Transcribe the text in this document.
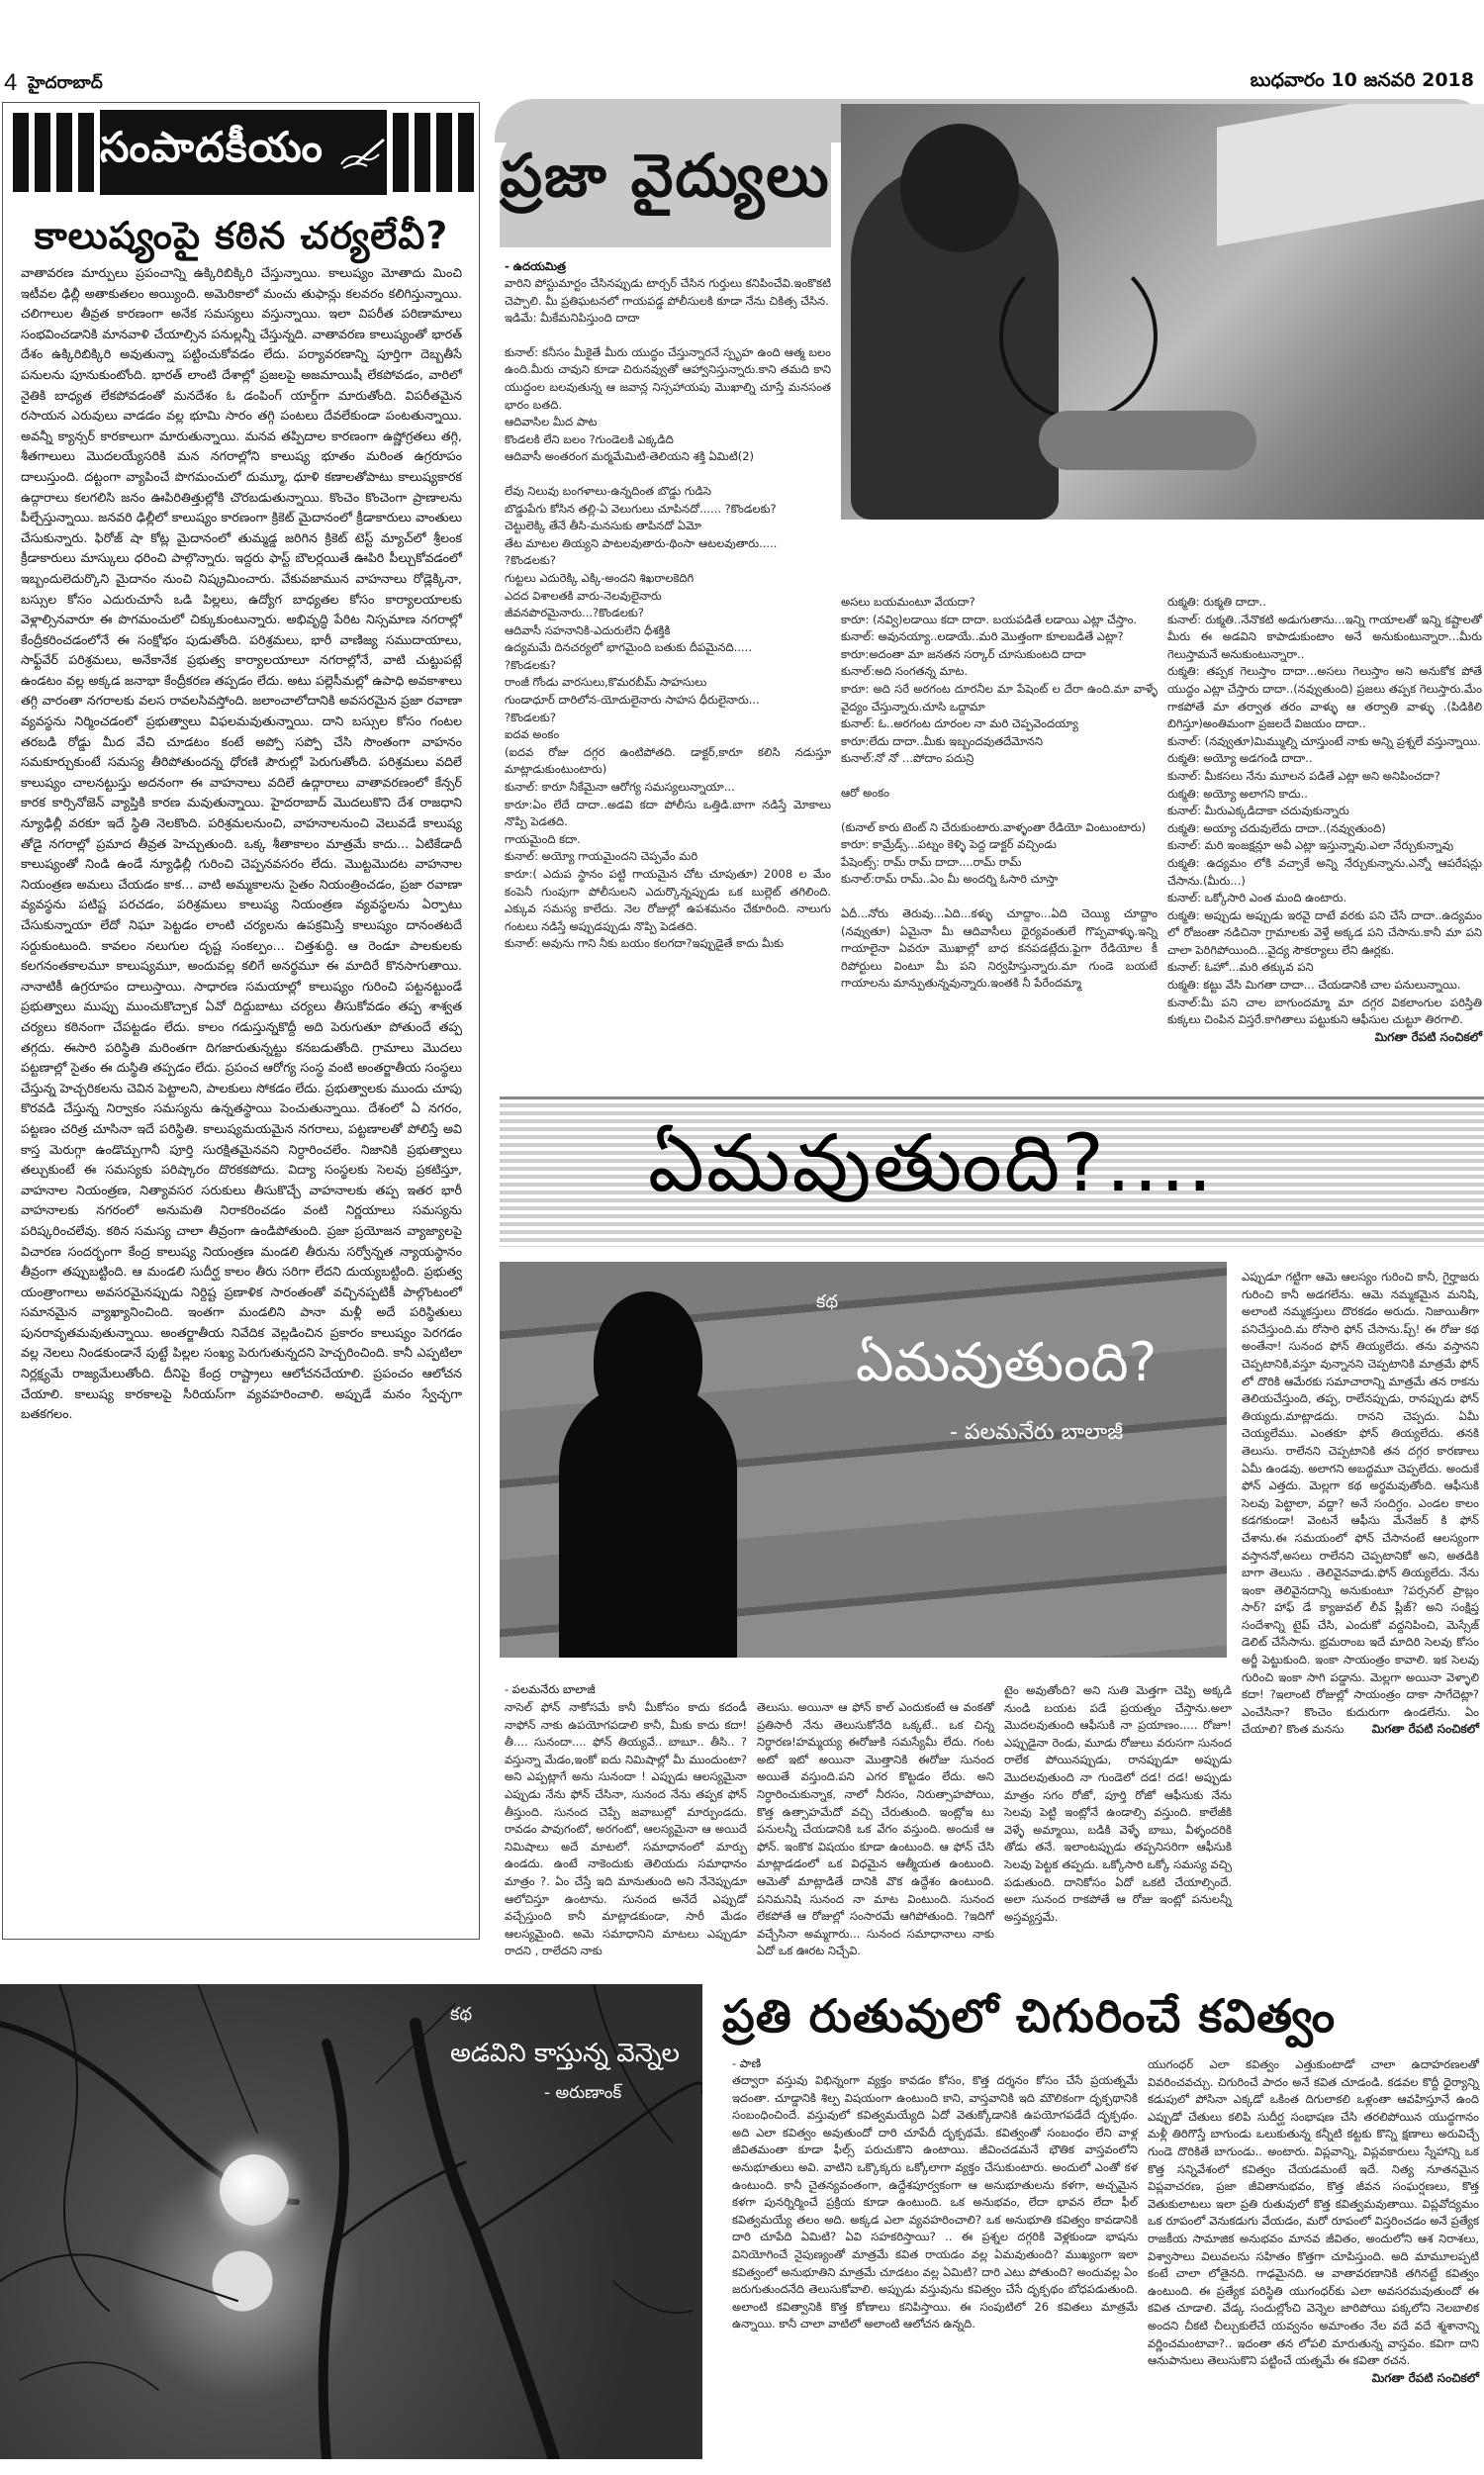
4 హైదరాబాద్	బుధవారం 10 జనవరి 2018
సంపాదకీయం
కాలుష్యంపై కఠిన చర్యలేవీ?
వాతావరణ మార్పులు ప్రపంచాన్ని ఉక్కిరిబిక్కిరి చేస్తున్నాయి. కాలుష్యం మోతాదు మించి ఇటీవల ఢిల్లీ అతాకుతలం అయ్యింది. అమెరికాలో మంచు తుఫాన్లు కలవరం కలిగిస్తున్నాయి. చలిగాలుల తీవ్రత కారణంగా అనేక సమస్యలు వస్తున్నాయి. ఇలా విపరీత పరిణామాలు సంభవించడానికి మానవాళి చేయాల్సిన పనుల్లన్నీ చేస్తున్నది. వాతావరణ కాలుష్యంతో భారత్ దేశం ఉక్కిరిబిక్కిరి అవుతున్నా పట్టించుకోవడం లేదు. పర్యావరణాన్ని పూర్తిగా దెబ్బతీసే పనులను పూనుకుంటోంది. భారత్ లాంటి దేశాల్లో ప్రజలపై అజమాయిషీ లేకపోవడం, వారిలో నైతికి బాధ్యత లేకపోవడంతో మనదేశం ఓ డంపింగ్ యార్డ్‌గా మారుతోంది. విపరీతమైన రసాయన ఎరువులు వాడడం వల్ల భూమి సారం తగ్గి పంటలు దేవలేకుండా పంటతున్నాయి. అవన్నీ క్యాన్సర్ కారకాలుగా మారుతున్నాయి. మనవ తప్పిదాల కారణంగా ఉష్ణోగ్రతలు తగ్గి, శీతగాలులు మొదలయ్యేసరికి మన నగరాల్లోని కాలుష్య భూతం మరింత ఉగ్రరూపం దాలుస్తుంది. దట్టంగా వ్యాపించే పొగమంచులో దుమ్మూ, ధూళి కణాలతోపాటు కాలుష్యకారక ఉద్గారాలు కలగలిసి జనం ఊపిరితిత్తుల్లోకి చొరబడుతున్నాయి. కొంచెం కొంచెంగా ప్రాణాలను పీల్చేస్తున్నాయి. జనవరి ఢిల్లీలో కాలుష్యం కారణంగా క్రికెట్ మైదానంలో క్రీడాకారులు వాంతులు చేసుకున్నారు. ఫిరోజ్ షా కోట్ల మైదానంలో తుమ్మడ్డ జరిగిన క్రికెట్ టెస్ట్ మ్యాచ్‌లో శ్రీలంక క్రీడాకారులు మాస్కులు ధరించి పాల్గొన్నారు. ఇద్దరు ఫాస్ట్ బౌలర్లయితే ఊపిరి పీల్చుకోవడంలో ఇబ్బందులెదుర్కొని మైదానం నుంచి నిష్క్రమించారు. వేకువజామున వాహనాలు రోడ్లెక్కినా, బస్సుల కోసం ఎదురుచూసే ఒడి పిల్లలు, ఉద్యోగ బాధ్యతల కోసం కార్యాలయాలకు వెళ్లాల్సినవారూ ఈ పొగమంచులో చిక్కుకుంటున్నారు. అభివృద్ధి పేరిట నిస్సమాణ నగరాల్లో కేంద్రీకరించడంలోనే ఈ సంక్షోభం పుడుతోంది. పరిశ్రమలు, భారీ వాణిజ్య సముదాయాలు, సాఫ్ట్‌వేర్ పరిశ్రమలు, అనేకానేక ప్రభుత్వ కార్యాలయాలూ నగరాల్లోనే, వాటి చుట్టుపట్లే ఉండటం వల్ల అక్కడ జనాభా కేంద్రీకరణ తప్పడం లేదు. అటు పల్లెసీమల్లో ఉపాధి అవకాశాలు తగ్గి వారంతా నగరాలకు వలస రావలసివస్తోంది. జలాంచాలోదానికి అవసరమైన ప్రజా రవాణా వ్యవస్థను నిర్మించడంలో ప్రభుత్వాలు విఫలమవుతున్నాయి. దాని బస్సుల కోసం గంటల తరబడి రోడ్డు మీద వేచి చూడటం కంటే అప్పో సప్పో చేసి సొంతంగా వాహనం సమకూర్చుకుంటే సమస్య తీరిపోతుందన్న ధోరణి పౌరుల్లో పెరుగుతోంది. పరిశ్రమలు వదిలే కాలుష్యం చాలనట్టుస్తు అదనంగా ఈ వాహనాలు వదిలే ఉద్గారాలు వాతావరణంలో కేన్సర్ కారక కార్సినోజెన్ వ్యాప్తికి కారణ మవుతున్నాయి. హైదరాబాద్ మొదలుకొని దేశ రాజధాని న్యూఢిల్లీ వరకూ ఇదే స్థితి నెలకొంది. పరిశ్రమలనుంచి, వాహనాలనుంచి వెలువడే కాలుష్య తోడై నగరాల్లో ప్రమాద తీవ్రత హెచ్చుతుంది. ఒక్క శీతాకాలం మాత్రమే కాదు... ఏటికేడాదీ కాలుష్యంతో నిండి ఉండే న్యూఢిల్లీ గురించి చెప్పనవసరం లేదు. మొట్టమొదట వాహనాల నియంత్రణ అమలు చేయడం కాక... వాటి అమ్మకాలను సైతం నియంత్రించడం, ప్రజా రవాణా వ్యవస్థను పటిష్ట పరచడం, పరిశ్రమలు కాలుష్య నియంత్రణ వ్యవస్థలను ఏర్పాటు చేసుకున్నాయా లేదో నిఘా పెట్టడం లాంటి చర్యలను ఉపక్రమిస్తే కాలుష్యం దానంతటదే సర్దుకుంటుంది. కావలం నలుగుల దృష్ట సంకల్పం... చిత్తశుద్ధి. ఆ రెండూ పాలకులకు కలగనంతకాలమూ కాలుష్యమూ, అందువల్ల కలిగే అనర్థమూ ఈ మాదిరే కొనసాగుతాయి. నానాటికీ ఉగ్రరూపం దాలుస్తాయి. సాధారణ సమయాల్లో కాలుష్యం గురించి పట్టనట్టుండే ప్రభుత్వాలు ముప్పు ముంచుకొచ్చాక ఏవో దిద్దుబాటు చర్యలు తీసుకోవడం తప్ప శాశ్వత చర్యలు కఠినంగా చేపట్టడం లేదు. కాలం గడుస్తున్నకొద్దీ అది పెరుగుతూ పోతుందే తప్ప తగ్గదు. ఈసారి పరిస్థితి మరింతగా దిగజారుతున్నట్టు కనబడుతోంది. గ్రామాలు మొదలు పట్టణాల్లో సైతం ఈ దుస్థితి తప్పడం లేదు. ప్రపంచ ఆరోగ్య సంస్థ వంటి అంతర్జాతీయ సంస్థలు చేస్తున్న హెచ్చరికలను చెవిన పెట్టాలని, పాలకులు సోకడం లేదు. ప్రభుత్వాలకు ముందు చూపు కొరవడి చేస్తున్న నిర్వాకం సమస్యను ఉన్నతస్థాయి పెంచుతున్నాయి. దేశంలో ఏ నగరం, పట్టణం చరిత్ర చూసినా ఇదే పరిస్థితి. కాలుష్యమయమైన నగరాలు, పట్టణాలతో పోలిస్తే అవి కాస్త మెరుగ్గా ఉండొచ్చుగానీ పూర్తి సురక్షితమైనవని నిర్ధారించలేం. నిజానికి ప్రభుత్వాలు తల్చుకుంటే ఈ సమస్యకు పరిష్కారం దొరకకపోదు. విద్యా సంస్థలకు సెలవు ప్రకటిస్తూ, వాహనాల నియంత్రణ, నిత్యావసర సరుకులు తీసుకొచ్చే వాహనాలకు తప్ప ఇతర భారీ వాహనాలకు నగరంలో అనుమతి నిరాకరించడం వంటి నిర్ణయాలు సమస్యను పరిష్కరించలేవు. కఠిన సమస్య చాలా తీవ్రంగా ఉండిపోతుంది. ప్రజా ప్రయోజన వ్యాజ్యాలపై విచారణ సందర్భంగా కేంద్ర కాలుష్య నియంత్రణ మండలి తీరును సర్వోన్నత న్యాయస్థానం తీవ్రంగా తప్పుబట్టింది. ఆ మండలి సుదీర్ఘ కాలం తీరు సరిగా లేదని దుయ్యబట్టింది. ప్రభుత్వ యంత్రాంగాలు అవసరమైనప్పుడు నిర్దిష్ట ప్రణాళిక సారంతంతో వచ్చినప్పటికీ పాల్గొంటంలో సమానమైన వ్యాఖ్యానించింది. ఇంతగా మండలిని పానా మళ్లీ అదే పరిస్థితులు పునరావృతమవుతున్నాయి. అంతర్జాతీయ నివేదిక వెల్లడించిన ప్రకారం కాలుష్యం పెరగడం వల్ల నెలలు నిండకుండానే పుట్టే పిల్లల సంఖ్య పెరుగుతున్నదని హెచ్చరించింది. కానీ ఎప్పటిలా నిర్లక్ష్యమే రాజ్యమేలుతోంది. దీనిపై కేంద్ర రాష్ట్రాలు ఆలోచనచేయాలి. ప్రపంచం ఆలోచన చేయాలి. కాలుష్య కారకాలపై సీరియస్‌గా వ్యవహరించాలి. అప్పుడే మనం స్వేచ్ఛగా బతకగలం.
ప్రజా వైద్యులు
- ఉదయమిత్ర

వారిని పోస్టుమార్టం చేసినప్పుడు టార్చర్ చేసిన గుర్తులు కనిపించేవి.ఇంకొకటి చెప్పాలి. మీ ప్రతిఘటనలో గాయపడ్డ పోలీసులకి కూడా నేను చికిత్స చేసిన.

ఇడిమే: మీకేమనిపిస్తుంది దాదా

కునాల్: కనీసం మీకైతే మీరు యుద్ధం చేస్తున్నారనే స్పృహ ఉంది ఆత్మ బలం ఉంది.మీరు చావుని కూడా చిరునవ్వుతో ఆహ్వానిస్తున్నారు.కాని తమది కాని యుద్ధంల బలవుతున్న ఆ జవాన్ల నిస్సహాయపు మొఖాల్ని చూస్తే మనసంత భారం బతది.

ఆదివాసిల మీద పాట

కొండలకి లేని బలం ?గుండెలకి ఎక్కడిది

ఆదివాసీ అంతరంగ మర్మమేమిటి-తెలియని శక్తి ఏమిటి(2)

లేవు నిలువు బంగళాలు-ఉన్నదింత బొడ్డు గుడిసె

బొడ్డుపేగు కోసిన తల్లి-ఏ వెలుగులు చూపినదో...... ?కొండలకు?

చెట్టులెక్కి తేనే తీసి-మనసుకు తాపినదో ఏమో

తేట మాటల తియ్యని పాటలవుతారు-థింసా ఆటలవుతారు.....

?కొండలకు?

గుట్టలు ఎదురెక్కి ఎక్కి-అందని శిఖరాలకెదిగి

ఎదద విశాలతకి వారు-నెలవులైనారు

జీవనపొరమైనారు...?కొండలకు?

ఆదివాసీ సహనానికి-ఎదురులేని ధీశక్తికి

ఉద్యమమే దినచర్యలో భాగమైంది బతుకు దీపమైనది.....

?కొండలకు?

రాంజీ గోండు వారసులు,కొమరబీమ్ సాహసులు

గుండాధూర్ దారిలోన-యోదులైనారు సాహస ధీరులైనారు...

?కొండలకు?

ఐదవ అంకం

(ఐదవ రోజు దగ్గర ఉంటిపోతది. డాక్టర్,కారూ కలిసి నడుస్తూ మాట్లాడుకుంటుంటారు)

కునాల్: కారూ నీకేమైనా ఆరోగ్య సమస్యలున్నాయా...

కారూ:ఏం లేదే దాదా..అడవి కదా పోలీసు ఒత్తిడి.బాగా నడిస్తే మోకాలు నొప్పి పెడతది.

గాయమైంది కదా.

కునాల్: అయ్యో గాయమైందని చెప్పవేం మరి

కారూ:( ఎదుప స్థానం పట్టి గాయమైన చోట చూపుతూ) 2008 ల మేం కంపెనీ గుంపుగా పోలీసులని ఎదుర్కొన్నప్పుడు ఒక బుల్లెట్ తగిలింది. ఎక్కువ సమస్య కాలేదు. నెల రోజుల్లో ఉపశమనం చేకూరింది. నాలుగు గంటలు నడిస్తే అప్పుడప్పుడు నొప్పి పెడతది.

కునాల్: అవును గాని నీకు బయం కలగదా?ఇప్పుడైతే కాదు మీకు

అసలు బయమంటూ వేయదా?

కారూ: (నవ్వి)లడాయి కదా దాదా. బయపడితే లడాయి ఎట్లా చేస్తాం.

కునాల్: అవునయ్యా..లడాయే..మరి మొత్తంగా కూలబడితే ఎట్లా?

కారూ:అదంతా మా జనతన సర్కార్ చూసుకుంటది దాదా

కునాల్:అది సంగతన్న మాట.

కారూ: అది సరే అరగంట దూరనీల మా పేషెంట్ ల దేరా ఉంది.మా వాళ్ళే వైద్యం చేస్తున్నారు.చూసి ఒద్దామా

కునాల్: ఓ..అరగంట దూరంల నా మరి చెప్పవెందయ్యా

కారూ:లేదు దాదా..మీకు ఇబ్బందవుతదేమోనని

కునాల్:నో నో ...పోదాం పదున్రి

ఆరో అంకం

(కునాల్ కారు టెంట్ ని చేరుకుంటారు.వాళ్ళంతా రేడియో వింటుంటారు)

కారూ: కామ్రేడ్స్...పట్నం కెళ్ళి పెద్ద డాక్టర్ వచ్చిండు

పేషెంట్స్: రామ్ రామ్ దాదా....రామ్ రామ్

కునాల్:రామ్ రామ్..ఏం మీ అందర్ని ఓసారి చూస్తా

ఏదీ...నోరు తెరువు...ఏది...కళ్ళు చూద్దాం...ఏది చెయ్యి చూద్దాం (నవ్వుతూ) ఏమైనా మీ ఆదివాసీలు ధైర్యవంతులే గొప్పవాళ్ళు.ఇన్ని గాయాలైనా ఏవరూ మొఖాల్లో బాధ కనపడట్లేదు.ఫైగా రేడియోల కీ రిపోర్టులు వింటూ మీ పని నిర్వహిస్తున్నారు.మా గుండె బయటే గాయాలను మాన్పుతున్నవున్నారు.ఇంతకి నీ పేరేందమ్మా

రుక్మతి: రుక్మతి దాదా..

కునాల్: రుక్మతి..నేనొకటి అడుగుతాను...ఇన్ని గాయాలతో ఇన్ని కష్టాలతో మీరు ఈ అడవిని కాపాడుకుంటాం అనే అనుకుంటున్నారా...మీరు గెలుస్తామనే అనుకుంటున్నారా..

రుక్మతి: తప్పక గెలుస్తాం దాదా...అసలు గెలుస్తాం అని అనుకోక పోతే యుద్ధం ఎట్లా చేస్తారు దాదా..(నవ్వుతుంది) ప్రజలు తప్పక గెలుస్తారు.మేం గాకపోతే మా తర్వాత తరం వాళ్ళు ఆ తర్వాతి వాళ్ళు .(పిడికిలి బిగిస్తూ)అంతిమంగా ప్రజలదే విజయం దాదా..

కునాల్: (నవ్వుతూ)మిమ్ముల్ని చూస్తుంటే నాకు అన్ని ప్రశ్నలే వస్తున్నాయి.

రుక్మతి: అయ్యో అడగండి దాదా..

కునాల్: మీకసలు నేను మూలన పడితే ఎట్లా అని అనిపించదా?

రుక్మతి: అయ్యో అలాగని కాదు..

కునాల్: మీరుఎక్కడిదాకా చదువుకున్నారు

రుక్మతి: అయ్యా చదువులేదు దాదా..(నవ్వుతుంది)

కునాల్: మరి ఇంజక్షన్లూ అవీ ఎట్లా ఇస్తున్నావు.ఎలా నేర్చుకున్నావు

రుక్మతి: ఉద్యమం లోకి వచ్చాకే అన్ని నేర్చుకున్నాను.ఎన్నో ఆపరేషన్లు చేసాను.(మీరు...)

కునాల్: ఒక్కోసారి ఎంత మంది ఉంటారు.

రుక్మతి: అప్పుడు అప్పుడు ఇరవై దాటే వరకు పని చేసే దాదా..ఉద్యమం లో రోజంతా నడిచినా గ్రామాలకు వెళ్తే అక్కడ పని చేసాను.కానీ మా పని చాలా పెరిగిపోయింది...వైద్య సౌకర్యాలు లేని ఊర్లకు.

కునాల్: ఓహో...మరి తక్కువ పని

రుక్మతి: కట్టు వేసి మిగతా దాదా... చేయడానికి చాల పనులున్నాయి.

కునాల్:మీ పని చాల బాగుందమ్మా మా దగ్గర వికలాంగుల పరిస్తితి కుక్కలు చింపిన విస్తరే.కాగితాలు పట్టుకుని ఆఫీసుల చుట్టూ తిరగాలి.

మిగతా రేపటి సంచికలో
ఏమవుతుంది?....
కథ
ఏమవుతుంది?
- పలమనేరు బాలాజీ
- పలమనేరు బాలాజీ
నాసెల్ ఫోన్ నాకోసమే కానీ మీకోసం కాదు కదండీ నాఫోన్ నాకు ఉపయోగపడాలి కానీ, మీకు కాదు కదా!తీ.... సునందా.... ఫోన్ తియ్యవే.. బాబూ.. తీసి.. ?వస్తున్నా మేడం,ఇంకో ఐదు నిమిషాల్లో మీ ముందుంటా? అని ఎప్పట్లాగే అను సునందా ! ఎప్పుడు ఆలస్యమైనా ఎప్పుడు నేను ఫోన్ చేసినా, సునంద నేను తప్పక ఫోన్ తీస్తుంది. సునంద చెప్పే జవాబుల్లో మార్పుండదు. రావడం పావుగంటో, అరగంటో, ఆలస్యమైనా ఆ అయిదే నిమిషాలు అదే మాటలో. సమాధానంలో మార్పు ఉండదు. ఉంటే నాకెందుకు తెలియదు సమాధానం మాత్రం ?. ఏం చేస్తే ఇది మానుతుంది అని నేనెప్పుడూ ఆలోచిస్తూ ఉంటాను. సునంద అనేదే ఎప్పుడో వచ్చేస్తుంది కానీ మాట్లాడకుండా, సారీ మేడం ఆలస్యమైంది. అమె సమాధానిని మాటలు ఎప్పుడూ రాదని , రాలేదని నాకు
తెలుసు. అయినా ఆ ఫోన్ కాల్ ఎందుకంటే ఆ వంకతో ప్రతిసారీ నేను తెలుసుకోనేది ఒక్కటే.. ఒక చిన్న నిర్ధారణ!హమ్మయ్య ఈరోజుకి సమస్యేమీ లేదు. గంట అటో ఇటో అయినా మొత్తానికి ఈరోజు సునంద అయితే వస్తుంది.పని ఎగర కొట్టడం లేదు. అని నిర్ధారించుకున్నాక, నాలో నీరసం, నిరుత్సాహపోయి, కొత్త ఉత్సాహమేదో వచ్చి చేరుతుంది. ఇంట్లోఇ టు పనులన్నీ చేయడానికి ఒక వేగం వస్తుంది. అందుకే ఆ ఫోన్. ఇంకొక విషయం కూడా ఉంటుంది. ఆ ఫోన్ చేసి మాట్లాడడంలో ఒక విధమైన ఆత్మీయత ఉంటుంది. ఆమెతో మాట్లాడితే దానికి వొక ఉద్దేశం ఉంటుంది. పనిమనిషి సునంద నా మాట వింటుంది. సునంద లేకపోతే ఆ రోజుల్లో సంసారమే ఆగిపోతుంది. ?ఇదిగో వచ్చేసినా అమ్మగారు... సునంద సమాధానాలు నాకు ఏదో ఒక ఊరట నిచ్చేవి.
టైం అవుతోంది? అని సుతి మెత్తగా చెప్పి అక్కడి నుండి బయట పడే ప్రయత్నం చేస్తాను.అలా మొదలవుతుంది ఆఫీసుకి నా ప్రయాణం..... రోజూ!ఎప్పుడైనా రెండు, మూడు రోజులు వరుసగా సునంద రాలేక పోయినప్పుడు, రానప్పుడూ అప్పుడు మొదలవుతుంది నా గుండెలో దడ! దడ! అప్పుడు మాత్రం సగం రోజో, పూర్తి రోజో ఆఫీసుకు నేను సెలవు పెట్టి ఇంట్లోనే ఉండాల్సి వస్తుంది. కాలేజీకి వెళ్ళే అమ్మాయి, బడికి వెళ్ళే బాబు, వీళ్ళందరికి తోడు తనే. ఇలాంటప్పుడు తప్పనిసరిగా ఆఫీసుకి సెలవు పెట్టక తప్పదు. ఒక్కోసారి ఒక్కో సమస్య వచ్చి పడుతుంది. దానికోసం ఏదో ఒకటి చేయాల్సిందే. అలా సునంద రాకపోతే ఆ రోజు ఇంట్లో పనులన్నీ అస్తవ్యస్తమే.
ఎప్పుడూ గట్టిగా ఆమె ఆలస్యం గురించి కానీ, గైర్హాజరు గురించి కానీ అడగలేను. ఆమె నమ్మకమైన మనిషి, అలాంటి నమ్మకస్తులు దొరకడం అరుదు. నిజాయితీగా పనిచేస్తుంది.మ రోసారి ఫోన్ చేసాను.ప్చ్! ఈ రోజు కథ అంతేనా! సునంద ఫోన్ తియ్యలేదు. తను వస్తానని చెప్పటానికి,వస్తూ వున్నానని చెప్పటానికి మాత్రమే ఫోన్ లో దొరికి ఆమేరకు సమాచారాన్ని మాత్రమే తన రాకను తెలియచేస్తుంది, తప్ప, రాలేనప్పుడు, రానప్పుడు ఫోన్ తియ్యదు.మాట్లాడదు. రానని చెప్పదు. ఏమీ చెయ్యలేము. ఎంతకూ ఫోన్ తియ్యలేదు. తనకి తెలుసు. రాలేనని చెప్పటానికి తన దగ్గర కారణాలు ఏమీ ఉండవు. అలాగని అబద్ధమూ చెప్పలేదు. అందుకే ఫోన్ ఎత్తదు. మెల్లగా కథ అర్థమవుతోంది. ఆఫీసుకి సెలవు పెట్టాలా, వద్దా? అనే సందిగ్ధం. ఎండల కాలం కడగకుండా! వెంటనే ఆఫీసు మేనేజర్ కి ఫోన్ చేశాను.ఈ సమయంలో ఫోన్ చేసానంటే ఆలస్యంగా వస్తాననో,అసలు రాలేనని చెప్పటానికో అని, అతడికి బాగా తెలుసు . తెలివైనవాడు.ఫోన్ తియ్యలేదు. నేను ఇంకా తెలివైనదాన్ని అనుకుంటూ ?పర్సనల్ ప్రాబ్లం సార్? హాఫ్ డే క్యాజువల్ లీవ్ ప్లీజ్? అని సంక్షిప్త సందేశాన్ని టైప్ చేసి, ఎందుకో వద్దనిపించి, మెస్సేజ్ డెలిట్ చేసేసాను. భ్రమరాంబ ఇదే మాదిరి సెలవు కోసం అర్జీ పెట్టుకుంది. ఇంకా సాయంత్రం కావాలి. ఇక సెలవు గురించి ఇంకా సాగి పడ్డాను. మెల్లగా అయినా వెళ్ళాలి కదా! ?ఇలాంటి రోజుల్లో సాయంత్రం దాకా సాగేదెట్లా?ఎంచేసినా? కొంచెం కుదురుగా ఉండలేను. ఏం చేయాలి? కొంత మనసు మిగతా రేపటి సంచికలో
కథ
అడవిని కాస్తున్న వెన్నెల
- అరుణాంక్
ప్రతి రుతువులో చిగురించే కవిత్వం
- పాణి
తద్వారా వస్తువు విభిన్నంగా వ్యక్తం కావడం కోసం, కొత్త దర్శనం కోసం చేసే ప్రయత్నమే ఇదంతా. చూడ్డానికి శిల్ప విషయంగా ఉంటుంది కాని, వాస్తవానికి ఇది మౌలికంగా దృక్పథానికి సంబంధించిందే. వస్తువులో కవిత్వమయ్యేది ఏదో వెతుక్కోడానికి ఉపయోగపడేదే దృక్పథం. అది ఎలా కవిత్వం అవుతుందో దారి చూపేదీ దృక్పథమే. కవిత్వంతో సంబంధం లేని వాళ్ల జీవితమంతా కూడా ఫీల్స్ పరుచుకొని ఉంటాయి. జీవించడమనే భౌతిక వాస్తవంలోని అనుభూతులు అవి. వాటిని ఒక్కొక్కరు ఒక్కోలాగా వ్యక్తం చేసుకుంటారు. అందులో ఎంతో కళ ఉంటుంది. కానీ చైతన్యవంతంగా, ఉద్దేశపూర్వకంగా ఆ అనుభూతులను కళగా, అచ్చమైన కళగా పునర్నిర్మించే ప్రక్రియ కూడా ఉంటుంది. ఒక అనుభవం, లేదా భావన లేదా ఫీల్ కవిత్వమయ్యే తలం అది. అక్కడ ఎలా వ్యవహరించాలి? ఒక అనుభూతి కవిత్వం కావడానికి దారి చూపేది ఏమిటి? ఏవి సహకరిస్తాయి? .. ఈ ప్రశ్నల దగ్గరికి వెళ్లకుండా భాషను వినియోగించే నైపుణ్యంతో మాత్రమే కవిత రాయడం వల్ల ఏమవుతుంది? ముఖ్యంగా ఇలా కవిత్వంలో అనుభూతిని మాత్రమే చూడటం వల్ల ఏమిటి? దారి ఎటు పోతుంది? అందువల్ల ఏం జరుగుతుందనేది తెలుసుకోవాలి. అప్పుడు వస్తువును కవిత్వం చేసే దృక్పథం బోధపడుతుంది. అలాంటి కవిత్వానికి కొత్త కోణాలు కనిపిస్తాయి. ఈ సంపుటిలో 26 కవితలు మాత్రమే ఉన్నాయి. కానీ చాలా వాటిలో అలాంటి ఆలోచన ఉన్నది.
యుగంధర్ ఎలా కవిత్వం ఎత్తుకుంటాడో చాలా ఉదాహరణలతో వివరించవచ్చు. చిగురించే పాదం అనే కవిత చూడండి. కడవల కొద్దీ ధైర్యాన్ని కడుపులో పోసినా ఎక్కడో ఒకింత దిగులాకలి ఒళ్లంతా ఆవహిస్తూనే ఉంది ఎప్పుడో చేతులు కలిపి సుదీర్ఘ సంభాషణ చేసి తరలిపోయిన యుద్ధగానం మళ్లీ తిరిగొస్తే బాగుండు ఒలుకుతున్న కన్నీటి కట్టకు కొన్ని క్షణాలు అరువిచ్చే గుండె దొరికితే బాగుండు.. అంటారు. విప్లవాన్ని, విప్లవకారులు స్నేహాన్ని ఒక కొత్త సన్నివేశంలో కవిత్వం చేయడమంటే ఇదే. నిత్య నూతనమైన విప్లవాచరణ, ప్రజా జీవితానుభవం, కొత్త జీవన సంఘర్షణలు, కొత్త వెతుకులాటలు ఇలా ప్రతి రుతువులో కొత్త కవిత్వమవుతాయి. విప్లవోద్యమం ఒక రూపంలో వెనుకడుగు వేయడం, మరో రూపంలో విస్తరించడం అనే ప్రత్యేక రాజకీయ సామాజిక అనుభవం మానవ జీవితం, అందులోని ఆశ నిరాశలు, విశ్వాసాలు విలువలను సహితం కొత్తగా చూపిస్తుంది. అది మామూలప్పటి కంటే చాలా లోతైనది. గాఢమైనది. ఆ వాతావరణానికి తగినట్టే కవిత్వం ఉంటుంది. ఈ ప్రత్యేక పరిస్థితి యుగంధర్‌కు ఎలా అవసరమవుతుందో ఈ కవిత చూడాలి. వేడ్క సందుల్లోంచి వెన్నెల జారిపోయి పక్కలోని నెలబాలిక అందని చీకటి చీల్చుకులేచే యవ్వనం అమాంతం నేల వదే వదే శ్మశానాన్ని వర్ణించమంటావా?.. ఇదంతా తన లోపలి మారుతున్న వాస్తవం. కవిగా దాని ఆనుపానులు తెలుసుకొని పట్టించే యత్నమే ఈ కవితా రచన.
మిగతా రేపటి సంచికలో
